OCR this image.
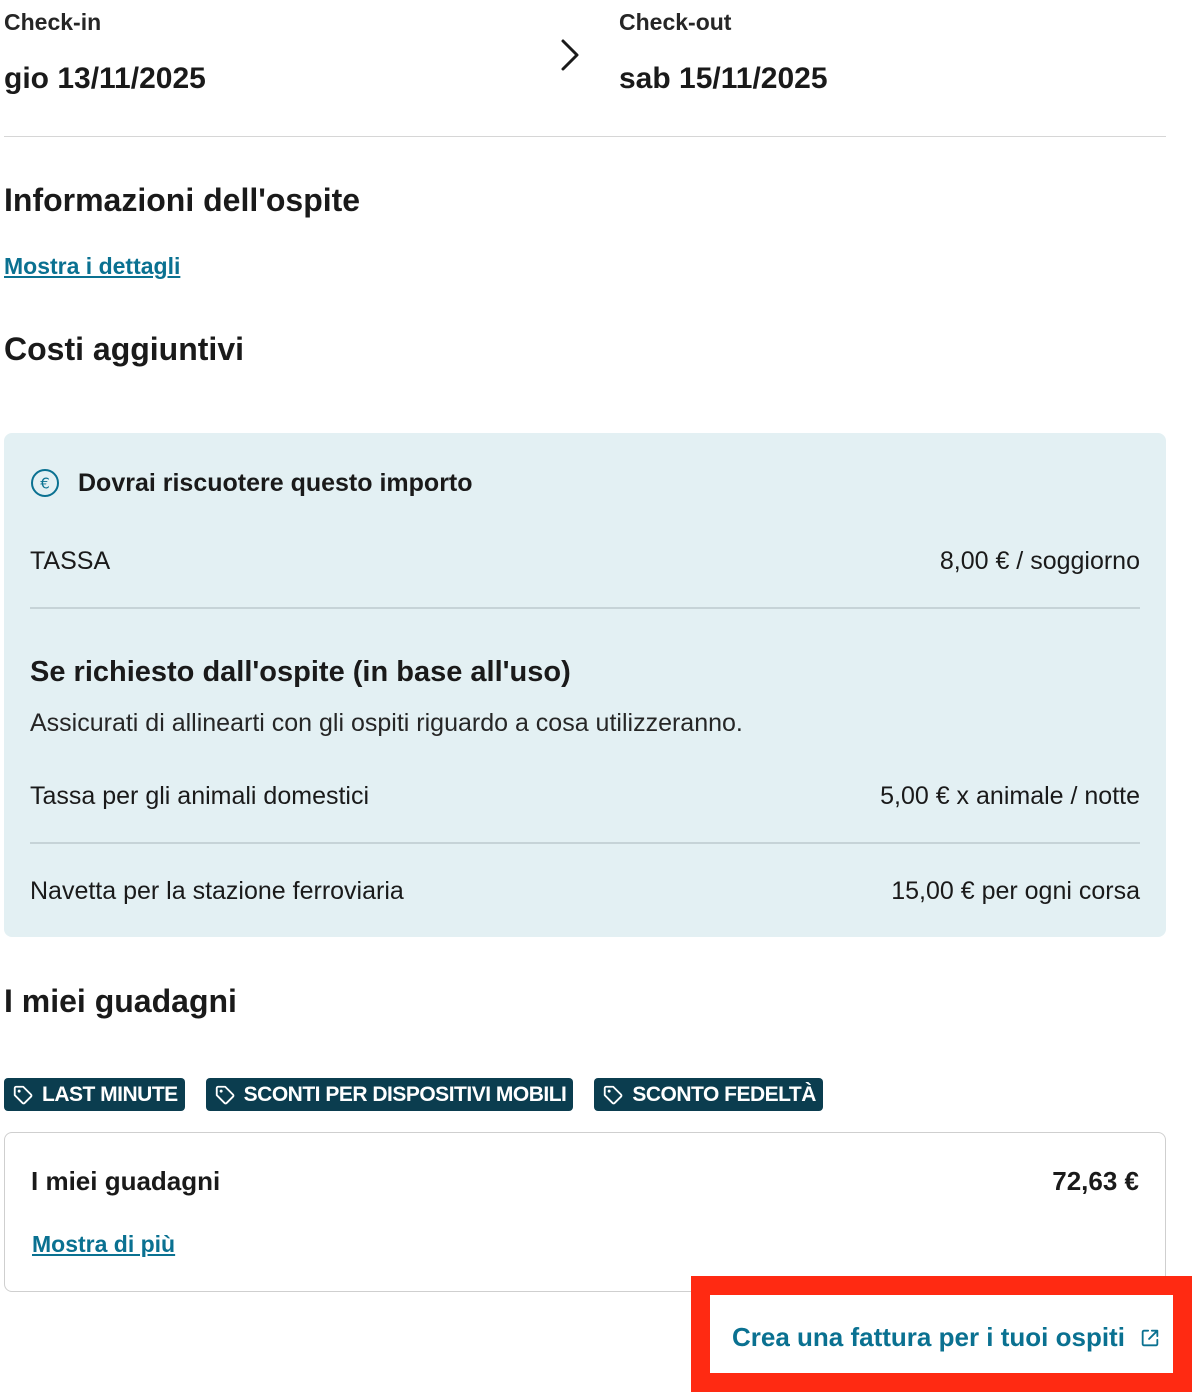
Check-in
gio 13/11/2025
Check-out
sab 15/11/2025
Informazioni dell'ospite
Mostra i dettagli
Costi aggiuntivi
€ Dovrai riscuotere questo importo
TASSA	8,00 € / soggiorno
Se richiesto dall'ospite (in base all'uso)
Assicurati di allinearti con gli ospiti riguardo a cosa utilizzeranno.
Tassa per gli animali domestici	5,00 € x animale / notte
Navetta per la stazione ferroviaria	15,00 € per ogni corsa
I miei guadagni
LAST MINUTE	SCONTI PER DISPOSITIVI MOBILI	SCONTO FEDELTÀ
I miei guadagni	72,63 €
Mostra di più
Crea una fattura per i tuoi ospiti
